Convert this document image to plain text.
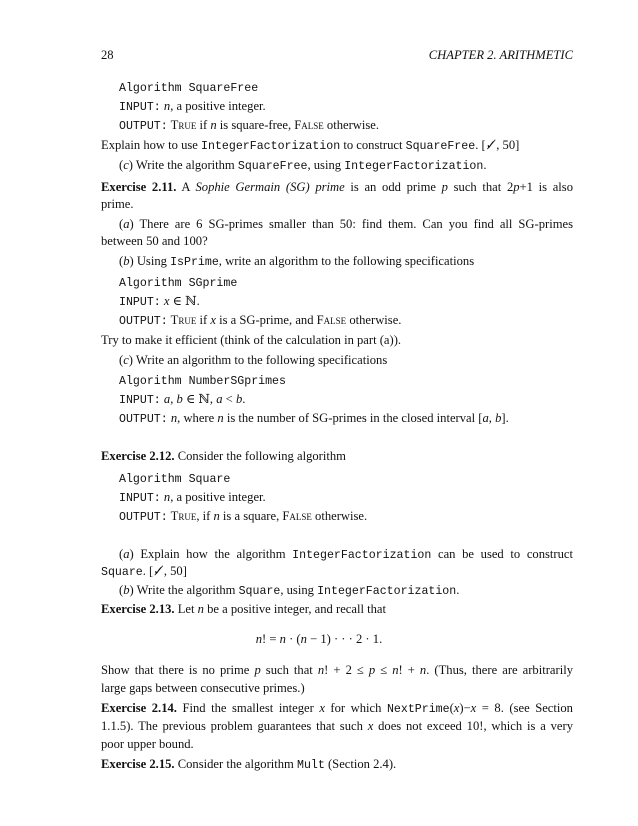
28	CHAPTER 2. ARITHMETIC
Algorithm SquareFree
INPUT: n, a positive integer.
OUTPUT: True if n is square-free, False otherwise.
Explain how to use IntegerFactorization to construct SquareFree. [✓̸, 50]
(c) Write the algorithm SquareFree, using IntegerFactorization.
Exercise 2.11. A Sophie Germain (SG) prime is an odd prime p such that 2p+1 is also
prime.
(a) There are 6 SG-primes smaller than 50: find them. Can you find all SG-primes
between 50 and 100?
(b) Using IsPrime, write an algorithm to the following specifications
Algorithm SGprime
INPUT: x ∈ ℕ.
OUTPUT: True if x is a SG-prime, and False otherwise.
Try to make it efficient (think of the calculation in part (a)).
(c) Write an algorithm to the following specifications
Algorithm NumberSGprimes
INPUT: a, b ∈ ℕ, a < b.
OUTPUT: n, where n is the number of SG-primes in the closed interval [a, b].
Exercise 2.12. Consider the following algorithm
Algorithm Square
INPUT: n, a positive integer.
OUTPUT: True, if n is a square, False otherwise.
(a) Explain how the algorithm IntegerFactorization can be used to construct
Square. [✓̸, 50]
(b) Write the algorithm Square, using IntegerFactorization.
Exercise 2.13. Let n be a positive integer, and recall that
n! = n · (n − 1) · · · 2 · 1.
Show that there is no prime p such that n! + 2 ≤ p ≤ n! + n. (Thus, there are arbitrarily
large gaps between consecutive primes.)
Exercise 2.14. Find the smallest integer x for which NextPrime(x)−x = 8. (see Section
1.1.5). The previous problem guarantees that such x does not exceed 10!, which is a very
poor upper bound.
Exercise 2.15. Consider the algorithm Mult (Section 2.4).
